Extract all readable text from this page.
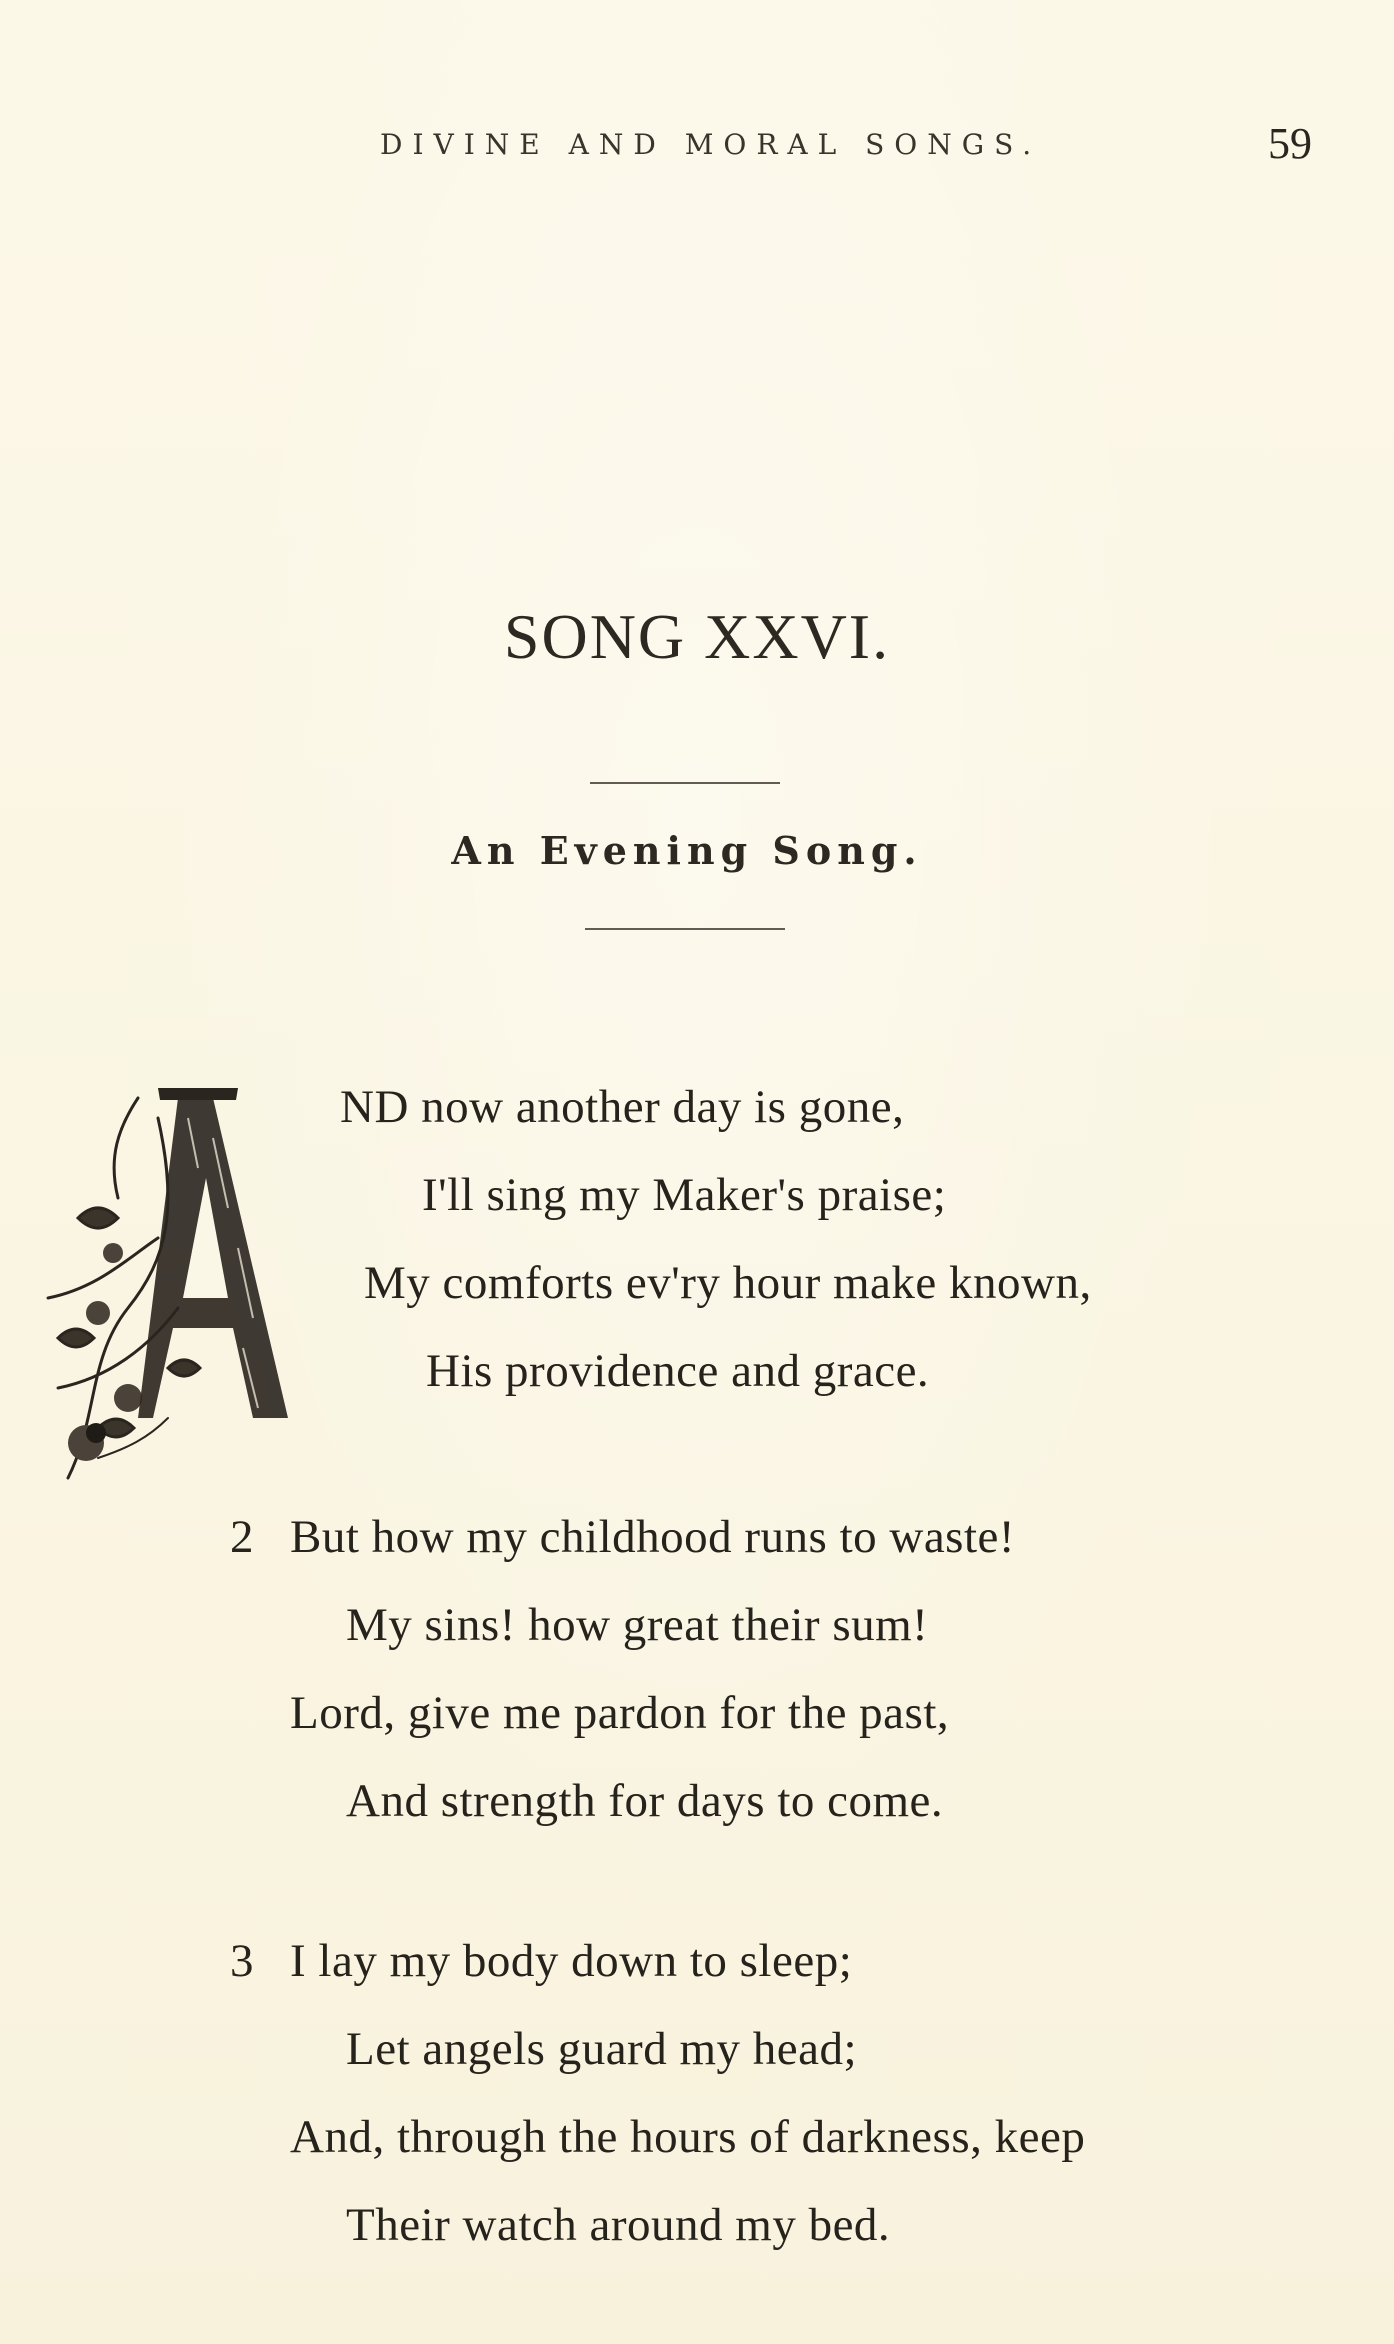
DIVINE AND MORAL SONGS.	59
SONG XXVI.
An Evening Song.
ND now another day is gone,
I'll sing my Maker's praise;
My comforts ev'ry hour make known,
His providence and grace.
2 But how my childhood runs to waste!
My sins! how great their sum!
Lord, give me pardon for the past,
And strength for days to come.
3 I lay my body down to sleep;
Let angels guard my head;
And, through the hours of darkness, keep
Their watch around my bed.
